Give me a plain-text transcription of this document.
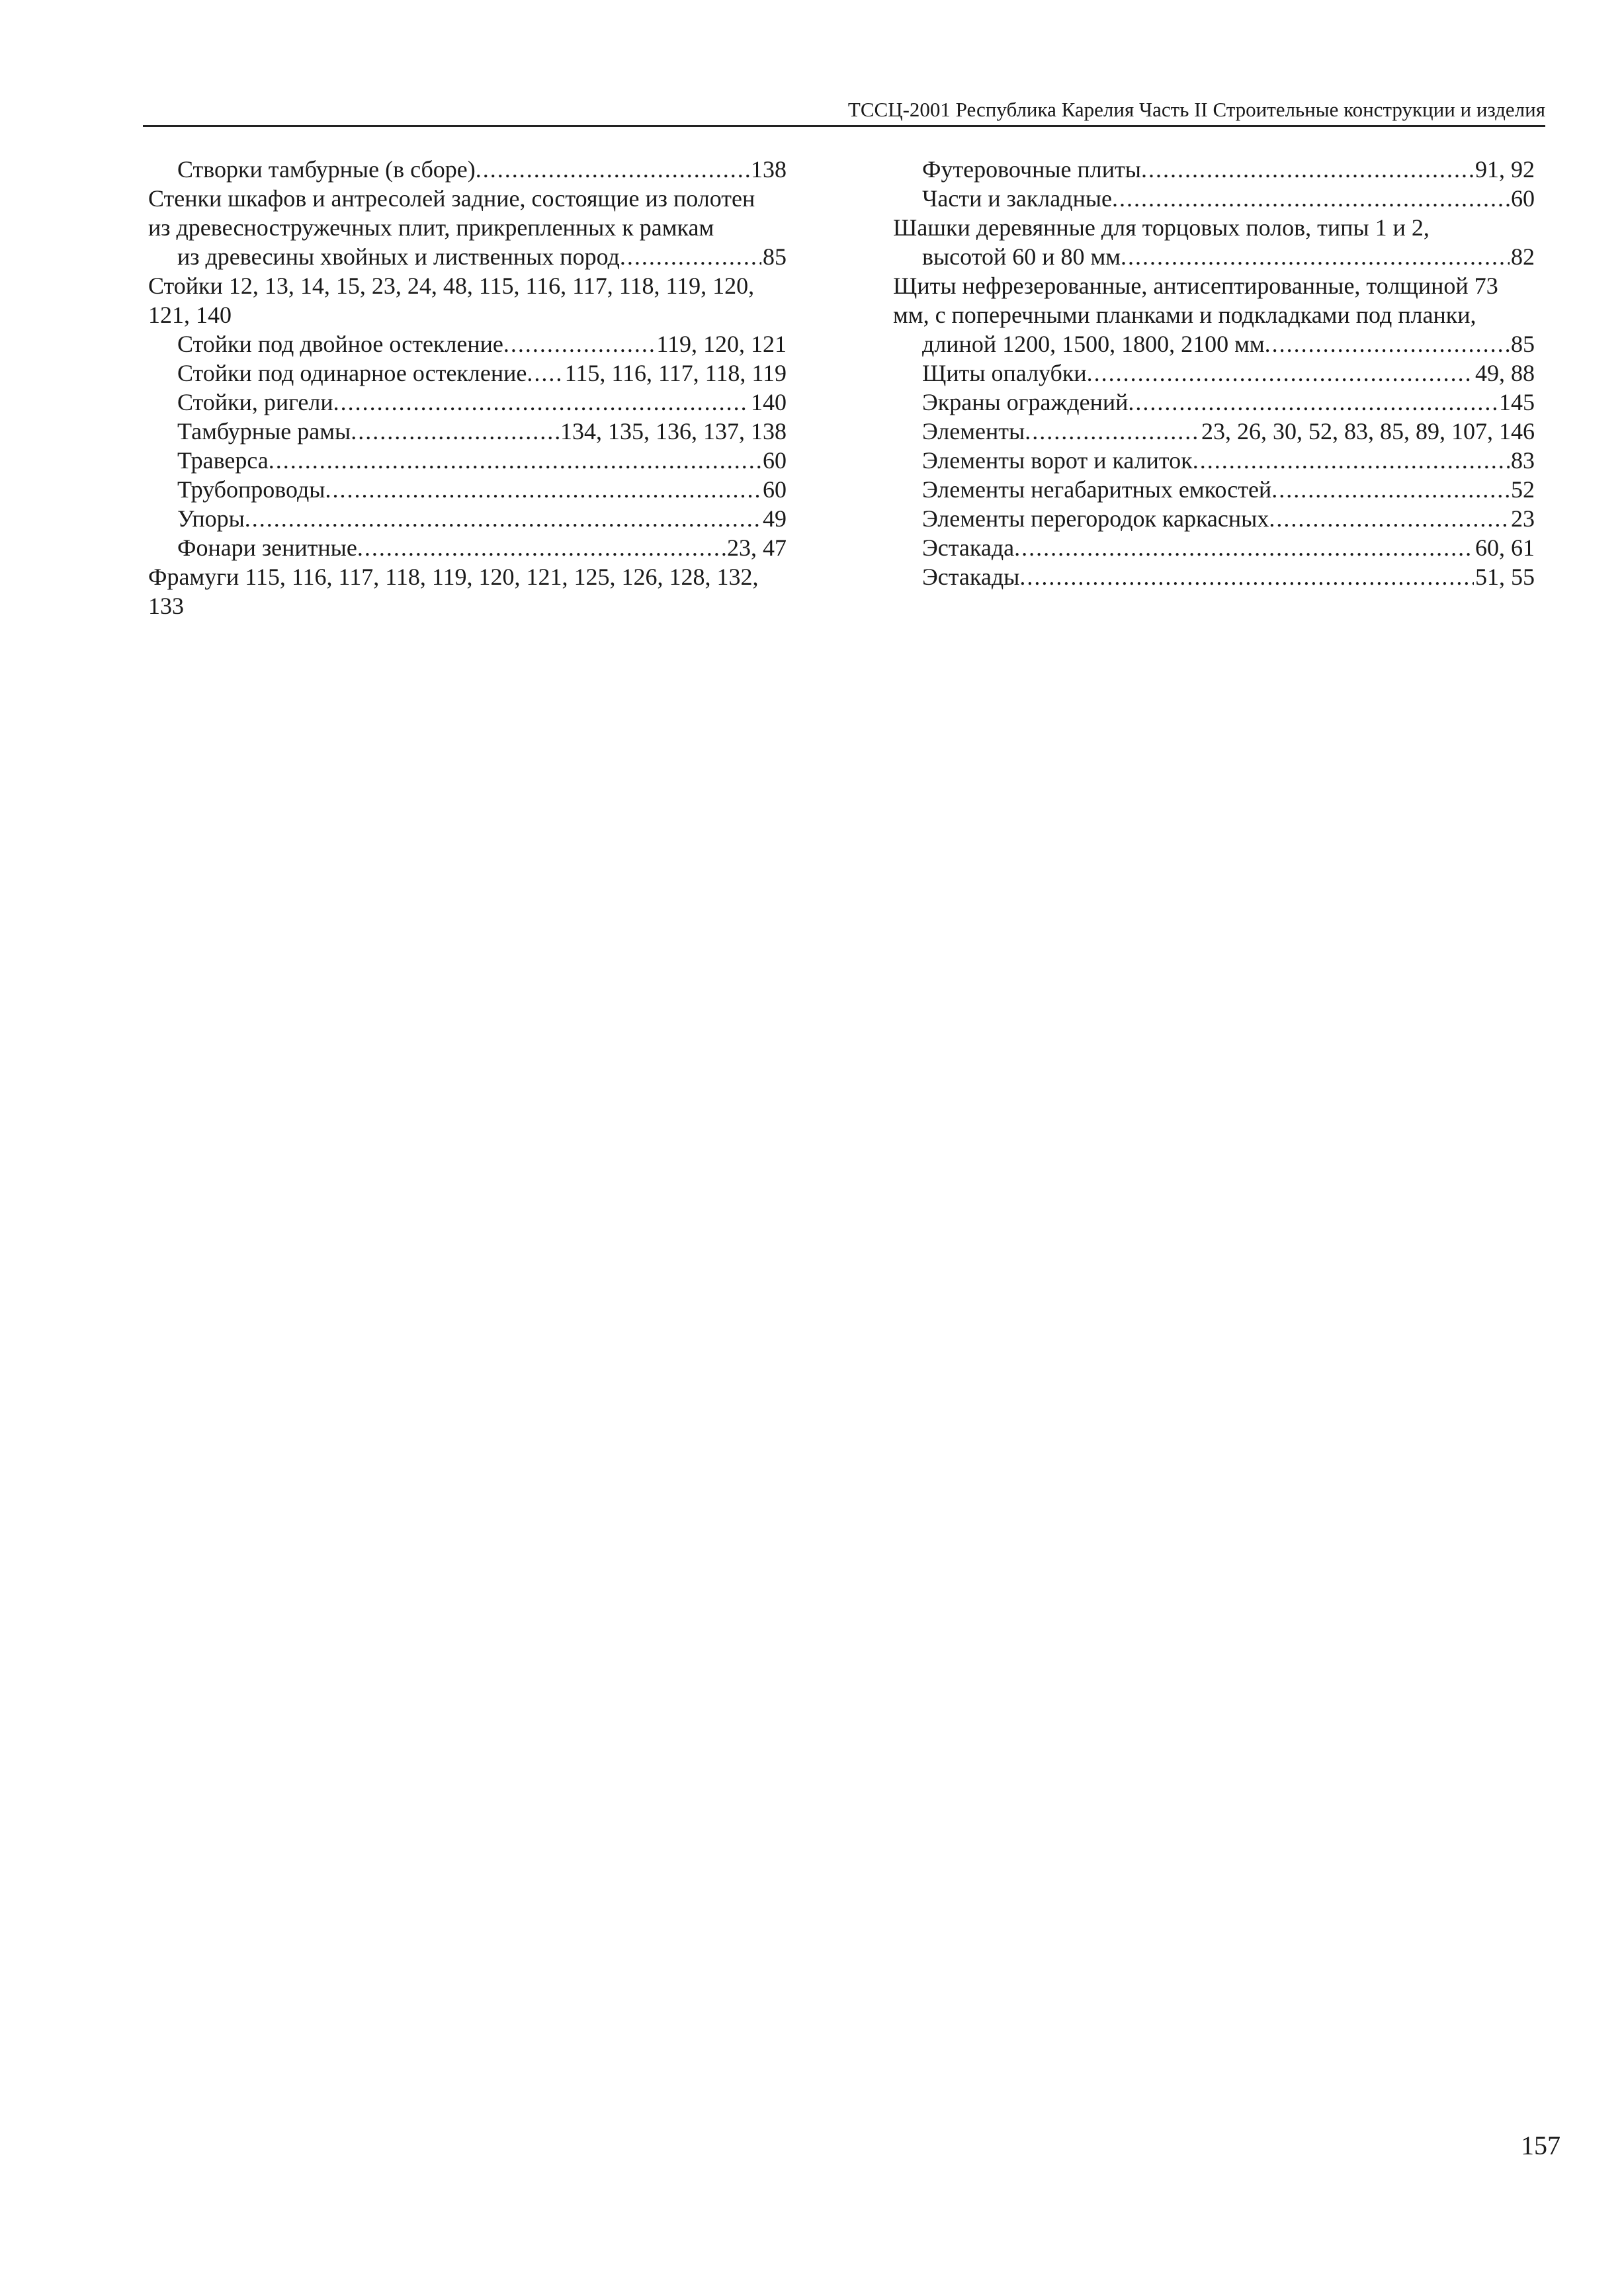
ТССЦ-2001 Республика Карелия Часть II Строительные конструкции и изделия
Створки тамбурные (в сборе) .....	138
Стенки шкафов и антресолей задние, состоящие из полотен
из древесностружечных плит, прикрепленных к рамкам
из древесины хвойных и лиственных пород .....	85
Стойки 12, 13, 14, 15, 23, 24, 48, 115, 116, 117, 118, 119, 120,
121, 140
Стойки под двойное остекление .....	119, 120, 121
Стойки под одинарное остекление ..... 115, 116, 117, 118, 119
Стойки, ригели .....	140
Тамбурные рамы .....	134, 135, 136, 137, 138
Траверса .....	60
Трубопроводы .....	60
Упоры .....	49
Фонари зенитные .....	23, 47
Фрамуги 115, 116, 117, 118, 119, 120, 121, 125, 126, 128, 132,
133
Футеровочные плиты .....	91, 92
Части и закладные .....	60
Шашки деревянные для торцовых полов, типы 1 и 2,
высотой 60 и 80 мм .....	82
Щиты нефрезерованные, антисептированные, толщиной 73
мм, с поперечными планками и подкладками под планки,
длиной 1200, 1500, 1800, 2100 мм .....	85
Щиты опалубки .....	49, 88
Экраны ограждений .....	145
Элементы .....	23, 26, 30, 52, 83, 85, 89, 107, 146
Элементы ворот и калиток .....	83
Элементы негабаритных емкостей .....	52
Элементы перегородок каркасных .....	23
Эстакада .....	60, 61
Эстакады .....	51, 55
157
